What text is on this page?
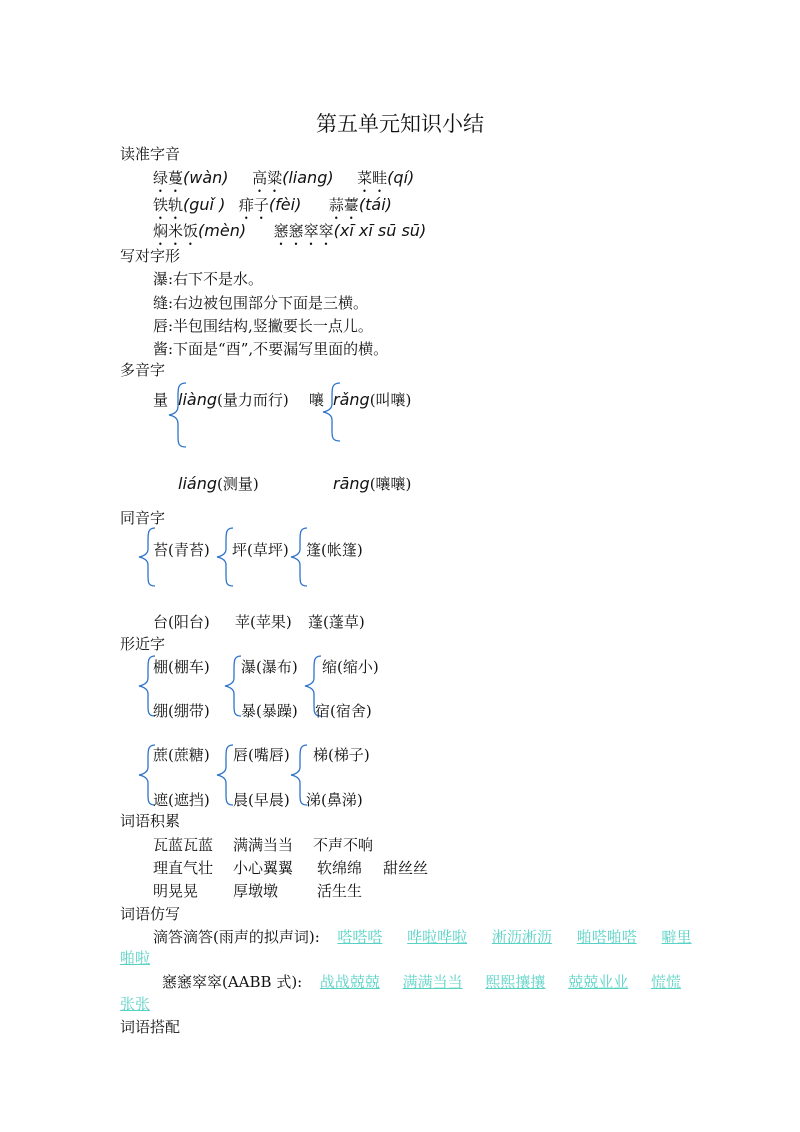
第五单元知识小结
读准字音
绿蔓(wàn) 高粱(liang) 菜畦(qí)
铁轨(guǐ ) 痱子(fèi) 蒜薹(tái)
焖米饭(mèn) 窸窸窣窣(xī xī sū sū)
写对字形
瀑:右下不是水。
缝:右边被包围部分下面是三横。
唇:半包围结构,竖撇要长一点儿。
酱:下面是“酉”,不要漏写里面的横。
多音字
量 liàng(量力而行) 嚷 rǎng(叫嚷)
liáng(测量)	rāng(嚷嚷)
同音字
苔(青苔) 坪(草坪) 篷(帐篷)
台(阳台) 苹(苹果) 蓬(蓬草)
形近字
棚(棚车) 瀑(瀑布) 缩(缩小)
绷(绷带) 暴(暴躁) 宿(宿舍)
蔗(蔗糖) 唇(嘴唇) 梯(梯子)
遮(遮挡) 晨(早晨) 涕(鼻涕)
词语积累
瓦蓝瓦蓝 满满当当 不声不响
理直气壮 小心翼翼 软绵绵 甜丝丝
明晃晃 厚墩墩	活生生
词语仿写
滴答滴答(雨声的拟声词): 嗒嗒嗒 哗啦哗啦 淅沥淅沥 啪嗒啪嗒 噼里
啪啦
窸窸窣窣(AABB 式): 战战兢兢 满满当当 熙熙攘攘 兢兢业业 慌慌
张张
词语搭配
